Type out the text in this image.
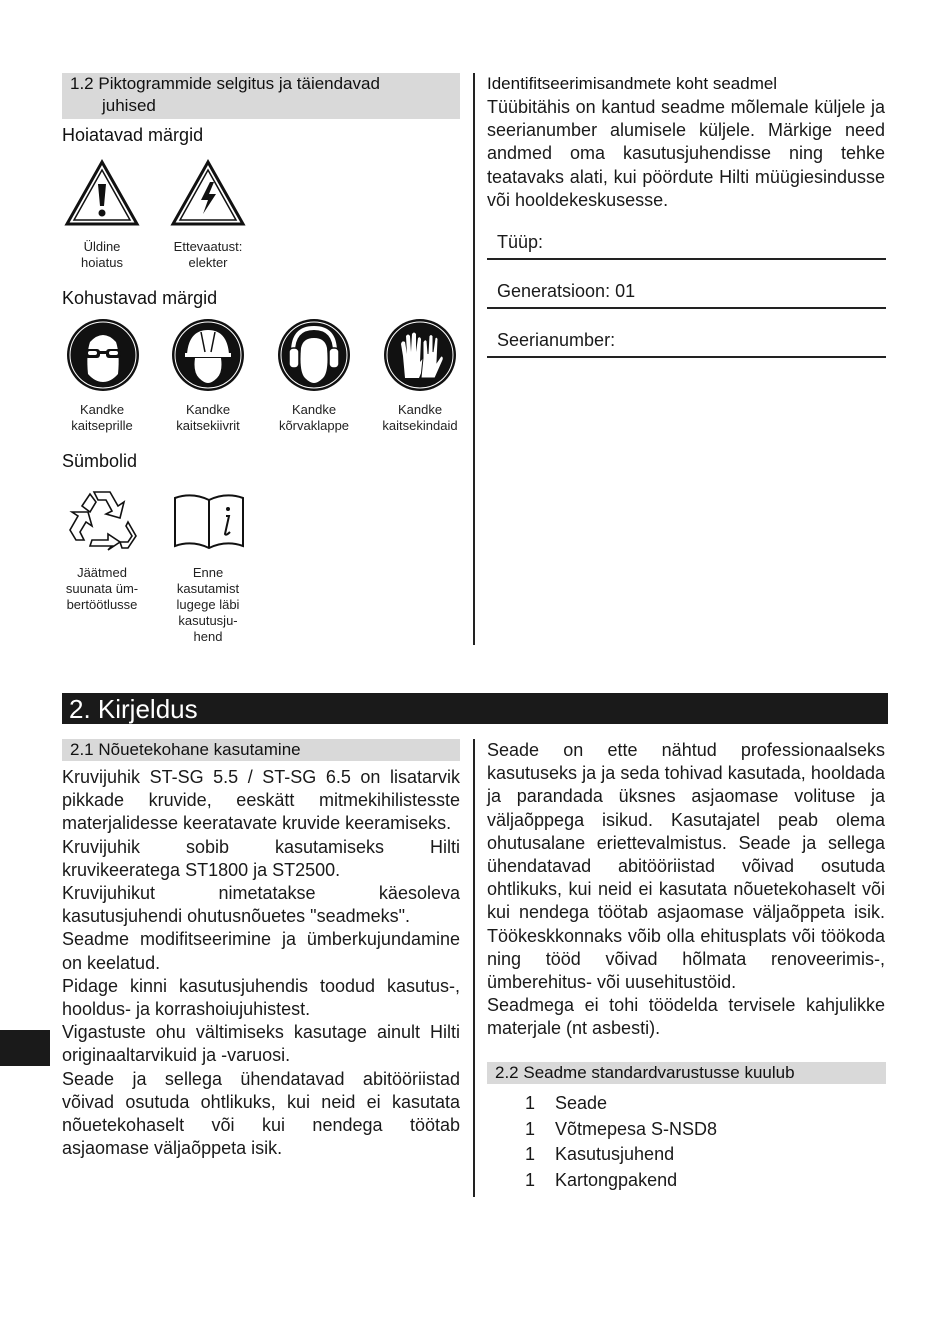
1.2 Piktogrammide selgitus ja täiendavad
juhised
Hoiatavad märgid
Üldine
hoiatus
Ettevaatust:
elekter
Kohustavad märgid
Kandke
kaitseprille
Kandke
kaitsekiivrit
Kandke
kõrvaklappe
Kandke
kaitsekindaid
Sümbolid
Jäätmed
suunata üm-
bertöötlusse
Enne
kasutamist
lugege läbi
kasutusju-
hend
Identifitseerimisandmete koht seadmel
Tüübitähis on kantud seadme mõlemale küljele ja seerianumber alumisele küljele. Märkige need andmed oma kasutusjuhendisse ning tehke teatavaks alati, kui pöördute Hilti müügiesindusse või hooldekeskusesse.
Tüüp:
Generatsioon: 01
Seerianumber:
2. Kirjeldus
2.1 Nõuetekohane kasutamine
Kruvijuhik ST-SG 5.5 / ST-SG 6.5 on lisatarvik pikkade kruvide, eeskätt mitmekihilistesste materjalidesse keeratavate kruvide keeramiseks.
Kruvijuhik sobib kasutamiseks Hilti kruvikeeratega ST1800 ja ST2500.
Kruvijuhikut nimetatakse käesoleva kasutusjuhendi ohutusnõuetes "seadmeks".
Seadme modifitseerimine ja ümberkujundamine on keelatud.
Pidage kinni kasutusjuhendis toodud kasutus-, hooldus- ja korrashoiujuhistest.
Vigastuste ohu vältimiseks kasutage ainult Hilti originaaltarvikuid ja -varuosi.
Seade ja sellega ühendatavad abitööriistad võivad osutuda ohtlikuks, kui neid ei kasutata nõuetekohaselt või kui nendega töötab asjaomase väljaõppeta isik.
Seade on ette nähtud professionaalseks kasutuseks ja ja seda tohivad kasutada, hooldada ja parandada üksnes asjaomase volituse ja väljaõppega isikud. Kasutajatel peab olema ohutusalane eriettevalmistus. Seade ja sellega ühendatavad abitööriistad võivad osutuda ohtlikuks, kui neid ei kasutata nõuetekohaselt või kui nendega töötab asjaomase väljaõppeta isik. Töökeskkonnaks võib olla ehitusplats või töökoda ning tööd võivad hõlmata renoveerimis-, ümberehitus- või uusehitustöid.
Seadmega ei tohi töödelda tervisele kahjulikke materjale (nt asbesti).
2.2 Seadme standardvarustusse kuulub
1	Seade
1	Võtmepesa S-NSD8
1	Kasutusjuhend
1	Kartongpakend
